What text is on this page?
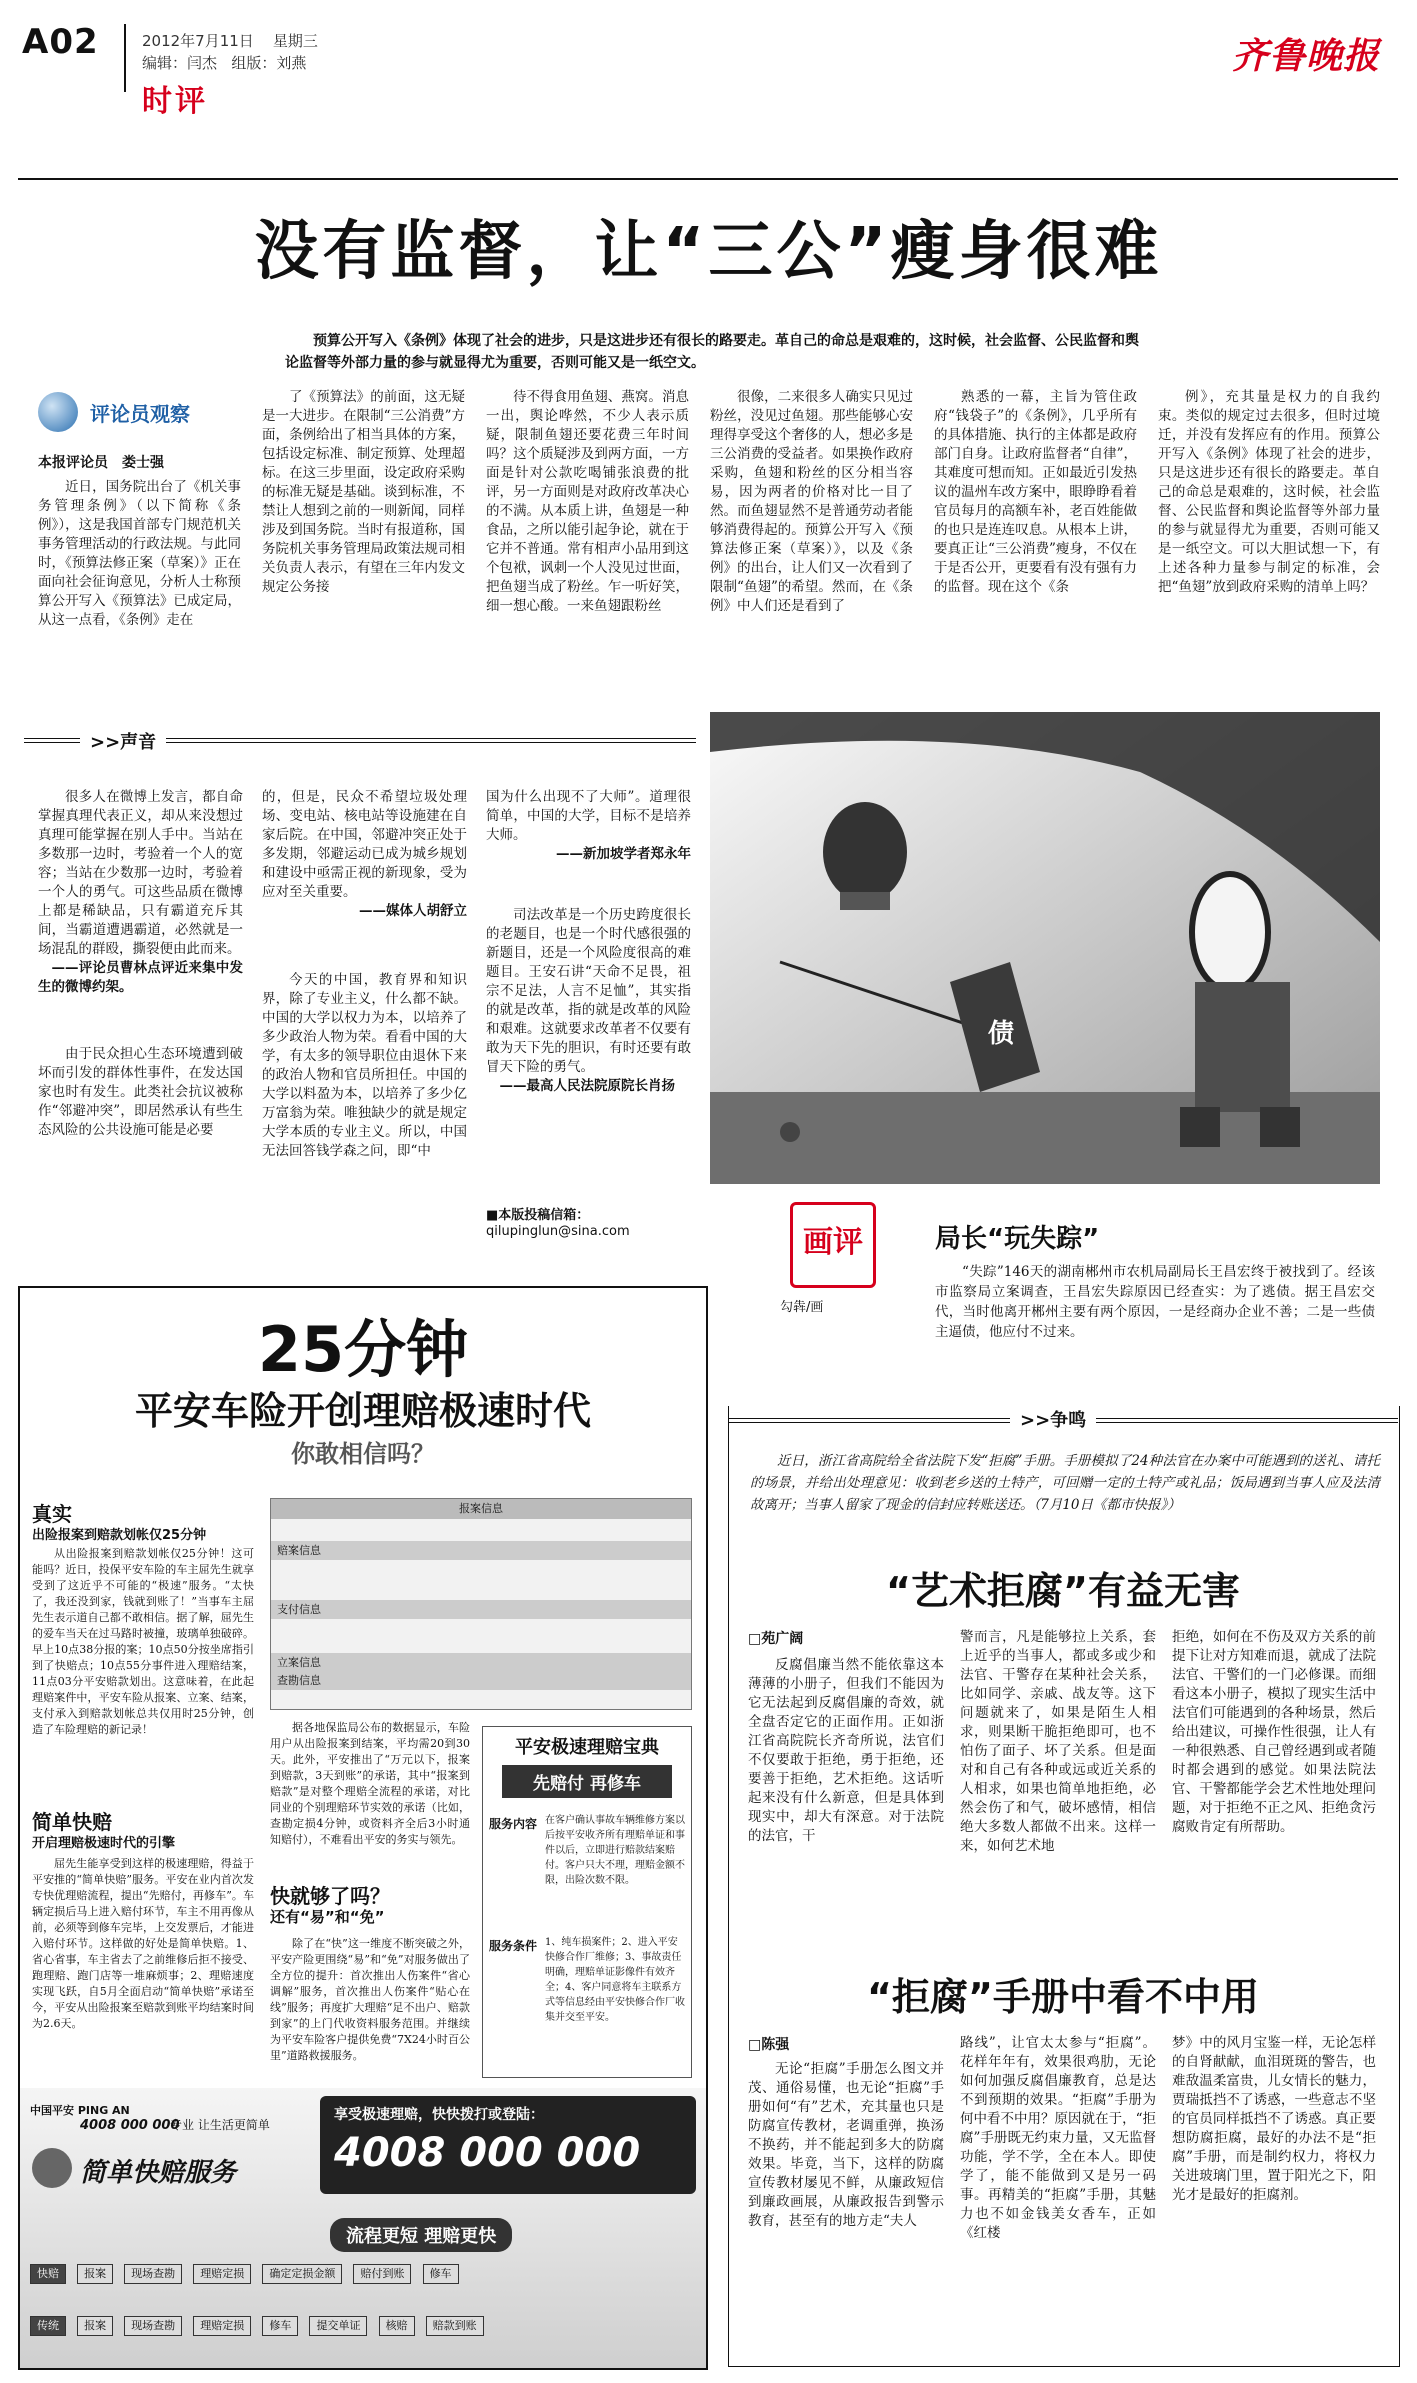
A02	2012年7月11日 星期三
编辑：闫杰 组版：刘燕
时评
齐鲁晚报
没有监督，让“三公”瘦身很难
预算公开写入《条例》体现了社会的进步，只是这进步还有很长的路要走。革自己的命总是艰难的，这时候，社会监督、公民监督和舆论监督等外部力量的参与就显得尤为重要，否则可能又是一纸空文。
评论员观察
本报评论员　娄士强

近日，国务院出台了《机关事务管理条例》（以下简称《条例》），这是我国首部专门规范机关事务管理活动的行政法规。与此同时，《预算法修正案（草案）》正在面向社会征询意见，分析人士称预算公开写入《预算法》已成定局，从这一点看，《条例》走在

了《预算法》的前面，这无疑是一大进步。在限制“三公消费”方面，条例给出了相当具体的方案，包括设定标准、制定预算、处理超标。在这三步里面，设定政府采购的标准无疑是基础。谈到标准，不禁让人想到之前的一则新闻，同样涉及到国务院。当时有报道称，国务院机关事务管理局政策法规司相关负责人表示，有望在三年内发文规定公务接

待不得食用鱼翅、燕窝。消息一出，舆论哗然，不少人表示质疑，限制鱼翅还要花费三年时间吗？这个质疑涉及到两方面，一方面是针对公款吃喝铺张浪费的批评，另一方面则是对政府改革决心的不满。从本质上讲，鱼翅是一种食品，之所以能引起争论，就在于它并不普通。常有相声小品用到这个包袱，讽刺一个人没见过世面，把鱼翅当成了粉丝。乍一听好笑，细一想心酸。一来鱼翅跟粉丝

很像，二来很多人确实只见过粉丝，没见过鱼翅。那些能够心安理得享受这个奢侈的人，想必多是三公消费的受益者。如果换作政府采购，鱼翅和粉丝的区分相当容易，因为两者的价格对比一目了然。而鱼翅显然不是普通劳动者能够消费得起的。预算公开写入《预算法修正案（草案）》，以及《条例》的出台，让人们又一次看到了限制“鱼翅”的希望。然而，在《条例》中人们还是看到了

熟悉的一幕，主旨为管住政府“钱袋子”的《条例》，几乎所有的具体措施、执行的主体都是政府部门自身。让政府监督者“自律”，其难度可想而知。正如最近引发热议的温州车改方案中，眼睁睁看着官员每月的高额车补，老百姓能做的也只是连连叹息。从根本上讲，要真正让“三公消费”瘦身，不仅在于是否公开，更要看有没有强有力的监督。现在这个《条

例》，充其量是权力的自我约束。类似的规定过去很多，但时过境迁，并没有发挥应有的作用。预算公开写入《条例》体现了社会的进步，只是这进步还有很长的路要走。革自己的命总是艰难的，这时候，社会监督、公民监督和舆论监督等外部力量的参与就显得尤为重要，否则可能又是一纸空文。可以大胆试想一下，有上述各种力量参与制定的标准，会把“鱼翅”放到政府采购的清单上吗？

>>声音

很多人在微博上发言，都自命掌握真理代表正义，却从来没想过真理可能掌握在别人手中。当站在多数那一边时，考验着一个人的宽容；当站在少数那一边时，考验着一个人的勇气。可这些品质在微博上都是稀缺品，只有霸道充斥其间，当霸道遭遇霸道，必然就是一场混乱的群殴，撕裂便由此而来。

——评论员曹林点评近来集中发生的微博约架。

由于民众担心生态环境遭到破坏而引发的群体性事件，在发达国家也时有发生。此类社会抗议被称作“邻避冲突”，即居然承认有些生态风险的公共设施可能是必要

的，但是，民众不希望垃圾处理场、变电站、核电站等设施建在自家后院。在中国，邻避冲突正处于多发期，邻避运动已成为城乡规划和建设中亟需正视的新现象，受为应对至关重要。

——媒体人胡舒立

今天的中国，教育界和知识界，除了专业主义，什么都不缺。中国的大学以权力为本，以培养了多少政治人物为荣。看看中国的大学，有太多的领导职位由退休下来的政治人物和官员所担任。中国的大学以料盈为本，以培养了多少亿万富翁为荣。唯独缺少的就是规定大学本质的专业主义。所以，中国无法回答钱学森之问，即“中

国为什么出现不了大师”。道理很简单，中国的大学，目标不是培养大师。

——新加坡学者郑永年

司法改革是一个历史跨度很长的老题目，也是一个时代感很强的新题目，还是一个风险度很高的难题目。王安石讲“天命不足畏，祖宗不足法，人言不足恤”，其实指的就是改革，指的就是改革的风险和艰难。这就要求改革者不仅要有敢为天下先的胆识，有时还要有敢冒天下险的勇气。

——最高人民法院原院长肖扬

■本版投稿信箱：
qilupinglun@sina.com
债
画评
勾犇/画
局长“玩失踪”
“失踪”146天的湖南郴州市农机局副局长王昌宏终于被找到了。经该市监察局立案调查，王昌宏失踪原因已经查实：为了逃债。据王昌宏交代，当时他离开郴州主要有两个原因，一是经商办企业不善；二是一些债主逼债，他应付不过来。
>>争鸣
近日，浙江省高院给全省法院下发“拒腐”手册。手册模拟了24种法官在办案中可能遇到的送礼、请托的场景，并给出处理意见：收到老乡送的土特产，可回赠一定的土特产或礼品；饭局遇到当事人应及法清故离开；当事人留家了现金的信封应转账送还。（7月10日《都市快报》）
“艺术拒腐”有益无害
□苑广阔

反腐倡廉当然不能依靠这本薄薄的小册子，但我们不能因为它无法起到反腐倡廉的奇效，就全盘否定它的正面作用。正如浙江省高院院长齐奇所说，法官们不仅要敢于拒绝，勇于拒绝，还要善于拒绝，艺术拒绝。这话听起来没有什么新意，但是具体到现实中，却大有深意。对于法院的法官，干

警而言，凡是能够拉上关系，套上近乎的当事人，都或多或少和法官、干警存在某种社会关系，比如同学、亲戚、战友等。这下问题就来了，如果是陌生人相求，则果断干脆拒绝即可，也不怕伤了面子、坏了关系。但是面对和自己有各种或远或近关系的人相求，如果也简单地拒绝，必然会伤了和气，破坏感情，相信绝大多数人都做不出来。这样一来，如何艺术地

拒绝，如何在不伤及双方关系的前提下让对方知难而退，就成了法院法官、干警们的一门必修课。而细看这本小册子，模拟了现实生活中法官们可能遇到的各种场景，然后给出建议，可操作性很强，让人有一种很熟悉、自己曾经遇到或者随时都会遇到的感觉。如果法院法官、干警都能学会艺术性地处理问题，对于拒绝不正之风、拒绝贪污腐败肯定有所帮助。

“拒腐”手册中看不中用
□陈强

无论“拒腐”手册怎么图文并茂、通俗易懂，也无论“拒腐”手册如何“有”艺术，充其量也只是防腐宣传教材，老调重弹，换汤不换药，并不能起到多大的防腐效果。毕竟，当下，这样的防腐宣传教材屡见不鲜，从廉政短信到廉政画展，从廉政报告到警示教育，甚至有的地方走“夫人

路线”，让官太太参与“拒腐”。花样年年有，效果很鸡肋，无论如何加强反腐倡廉教育，总是达不到预期的效果。“拒腐”手册为何中看不中用？原因就在于，“拒腐”手册既无约束力量，又无监督功能，学不学，全在本人。即使学了，能不能做到又是另一码事。再精美的“拒腐”手册，其魅力也不如金钱美女香车，正如《红楼

梦》中的风月宝鉴一样，无论怎样的自肾献献，血泪斑斑的警告，也难敌温柔富贵，儿女情长的魅力，贾瑞抵挡不了诱惑，一些意志不坚的官员同样抵挡不了诱惑。真正要想防腐拒腐，最好的办法不是“拒腐”手册，而是制约权力，将权力关进玻璃门里，置于阳光之下，阳光才是最好的拒腐剂。

25分钟
平安车险开创理赔极速时代
你敢相信吗？
真实
出险报案到赔款划帐仅25分钟
从出险报案到赔款划帐仅25分钟！这可能吗？近日，投保平安车险的车主屈先生就享受到了这近乎不可能的“极速”服务。“太快了，我还没到家，钱就到账了！”当事车主屈先生表示道自己都不敢相信。据了解，屈先生的爱车当天在过马路时被撞，玻璃单独破碎。早上10点38分报的案；10点50分按坐席指引到了快赔点；10点55分事件进入理赔结案，11点03分平安赔款划出。这意味着，在此起理赔案件中，平安车险从报案、立案、结案，支付承入到赔款划帐总共仅用时25分钟，创造了车险理赔的新记录！
简单快赔
开启理赔极速时代的引擎
屈先生能享受到这样的极速理赔，得益于平安推的“简单快赔”服务。平安在业内首次发专快优理赔流程，提出“先赔付，再修车”。车辆定损后马上进入赔付环节，车主不用再像从前，必须等到修车完毕，上交发票后，才能进入赔付环节。这样做的好处是简单快赔。1、省心省事，车主省去了之前维修后拒不接受、跑理赔、跑门店等一堆麻烦事；2、理赔速度实现飞跃，自5月全面启动“简单快赔”承诺至今，平安从出险报案至赔款到账平均结案时间为2.6天。
报案信息
赔案信息
支付信息
立案信息
查勘信息
据各地保监局公布的数据显示，车险用户从出险报案到结案，平均需20到30天。此外，平安推出了“万元以下，报案到赔款，3天到账”的承诺，其中“报案到赔款”是对整个理赔全流程的承诺，对比同业的个别理赔环节实效的承诺（比如，查勘定损4分钟，或资料齐全后3小时通知赔付），不难看出平安的务实与领先。
快就够了吗？
还有“易”和“免”
除了在“快”这一维度不断突破之外，平安产险更围绕“易”和“免”对服务做出了全方位的提升：首次推出人伤案件“省心调解”服务，首次推出人伤案件“贴心在线”服务；再度扩大理赔“足不出户、赔款到家”的上门代收资料服务范围。并继续为平安车险客户提供免费“7X24小时百公里”道路救援服务。
平安极速理赔宝典
先赔付 再修车
服务内容 在客户确认事故车辆维修方案以后按平安收齐所有理赔单证和事件以后，立即进行赔款结案赔付。客户只大不理，理赔金额不限，出险次数不限。
服务条件 1、纯车损案件；2、进入平安快修合作厂维修；3、事故责任明确，理赔单证影像件有效齐全；4、客户同意将车主联系方式等信息经由平安快修合作厂收集并交至平安。
中国平安 PING AN
4008 000 000
专业 让生活更简单
简单快赔服务
享受极速理赔，快快拨打或登陆：
4008 000 000
流程更短 理赔更快
快赔 报案 现场查勘 理赔定损 确定定损金额 赔付到账 修车
传统 报案 现场查勘 理赔定损 修车 提交单证 核赔 赔款到账
